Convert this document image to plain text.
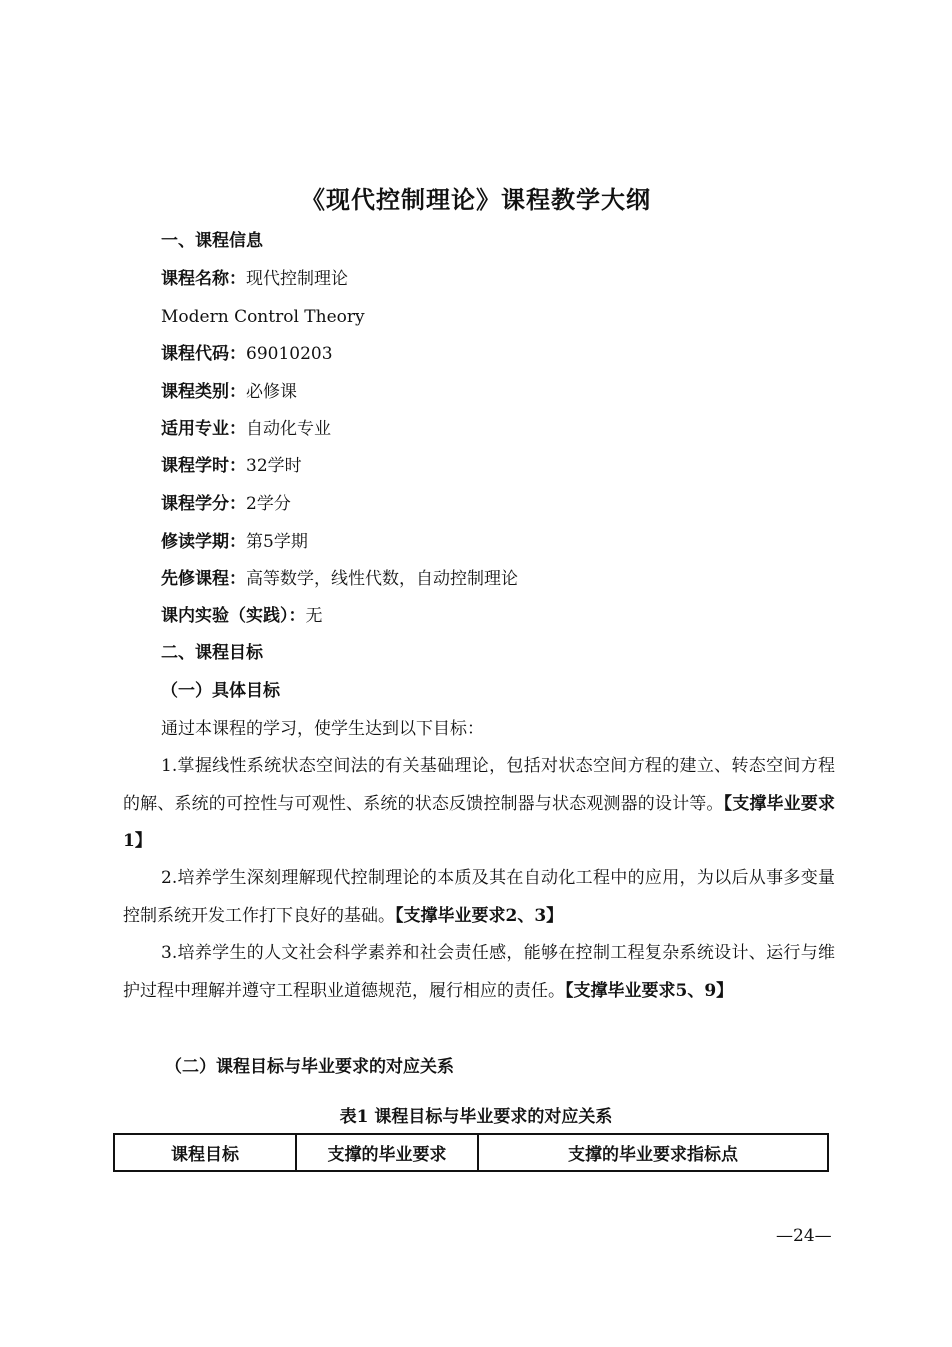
《现代控制理论》课程教学大纲
一、课程信息
课程名称：现代控制理论
Modern Control Theory
课程代码：69010203
课程类别：必修课
适用专业：自动化专业
课程学时：32学时
课程学分：2学分
修读学期：第5学期
先修课程：高等数学，线性代数，自动控制理论
课内实验（实践）：无
二、课程目标
（一）具体目标
通过本课程的学习，使学生达到以下目标：
1.掌握线性系统状态空间法的有关基础理论，包括对状态空间方程的建立、转态空间方程的解、系统的可控性与可观性、系统的状态反馈控制器与状态观测器的设计等。【支撑毕业要求 1】
2.培养学生深刻理解现代控制理论的本质及其在自动化工程中的应用，为以后从事多变量控制系统开发工作打下良好的基础。【支撑毕业要求2、3】
3.培养学生的人文社会科学素养和社会责任感，能够在控制工程复杂系统设计、运行与维护过程中理解并遵守工程职业道德规范，履行相应的责任。【支撑毕业要求5、9】
（二）课程目标与毕业要求的对应关系
表1 课程目标与毕业要求的对应关系
课程目标	支撑的毕业要求	支撑的毕业要求指标点
—24—
